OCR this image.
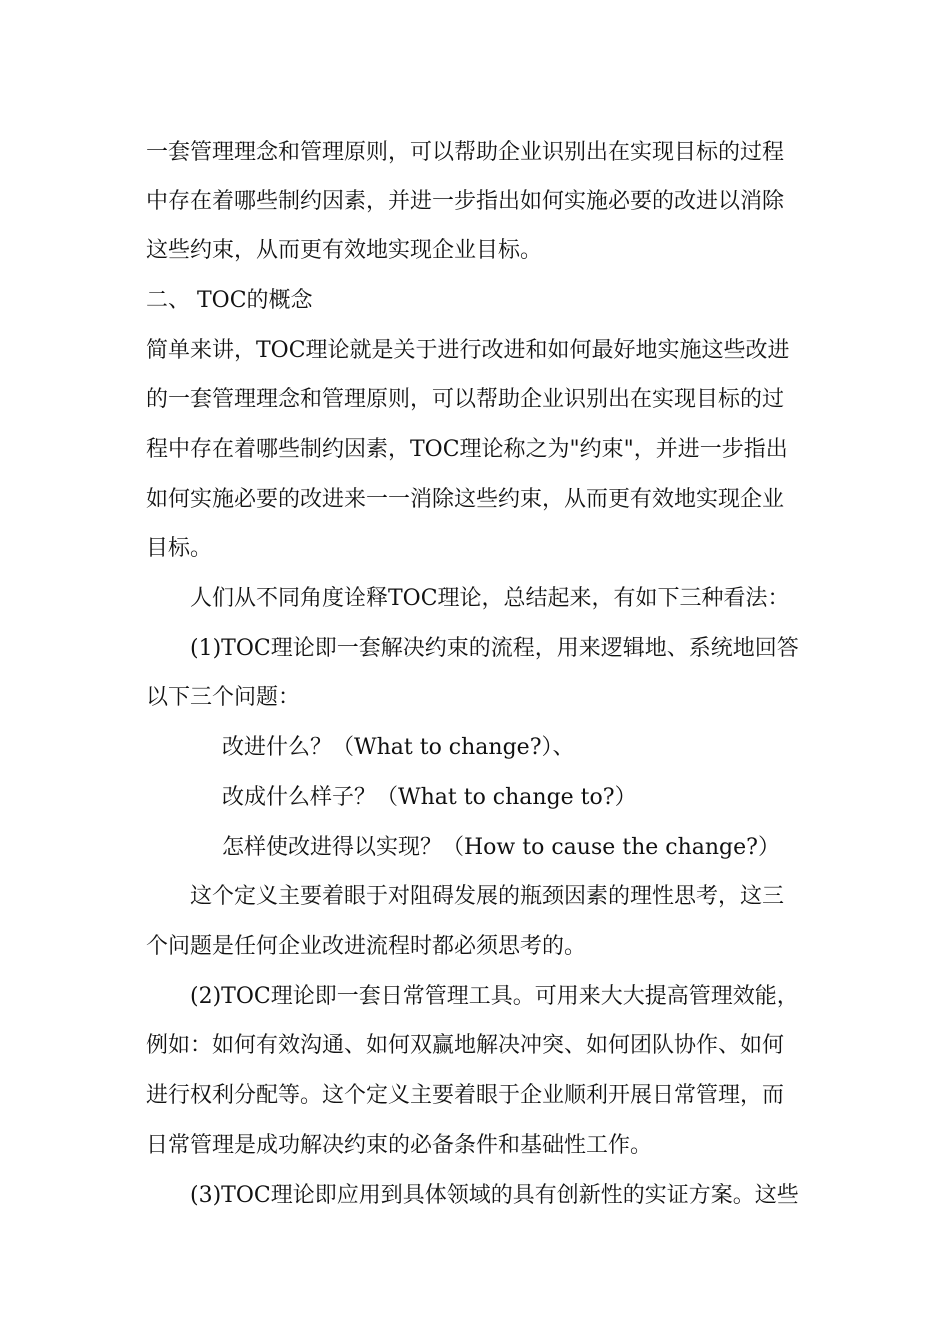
一套管理理念和管理原则，可以帮助企业识别出在实现目标的过程
中存在着哪些制约因素，并进一步指出如何实施必要的改进以消除
这些约束，从而更有效地实现企业目标。
二、 TOC的概念
简单来讲，TOC理论就是关于进行改进和如何最好地实施这些改进
的一套管理理念和管理原则，可以帮助企业识别出在实现目标的过
程中存在着哪些制约因素，TOC理论称之为"约束"，并进一步指出
如何实施必要的改进来一一消除这些约束，从而更有效地实现企业
目标。
人们从不同角度诠释TOC理论，总结起来，有如下三种看法：
(1)TOC理论即一套解决约束的流程，用来逻辑地、系统地回答
以下三个问题：
改进什么？（What to change?）、
改成什么样子？（What to change to?）
怎样使改进得以实现？（How to cause the change?）
这个定义主要着眼于对阻碍发展的瓶颈因素的理性思考，这三
个问题是任何企业改进流程时都必须思考的。
(2)TOC理论即一套日常管理工具。可用来大大提高管理效能，
例如：如何有效沟通、如何双赢地解决冲突、如何团队协作、如何
进行权利分配等。这个定义主要着眼于企业顺利开展日常管理，而
日常管理是成功解决约束的必备条件和基础性工作。
(3)TOC理论即应用到具体领域的具有创新性的实证方案。这些
